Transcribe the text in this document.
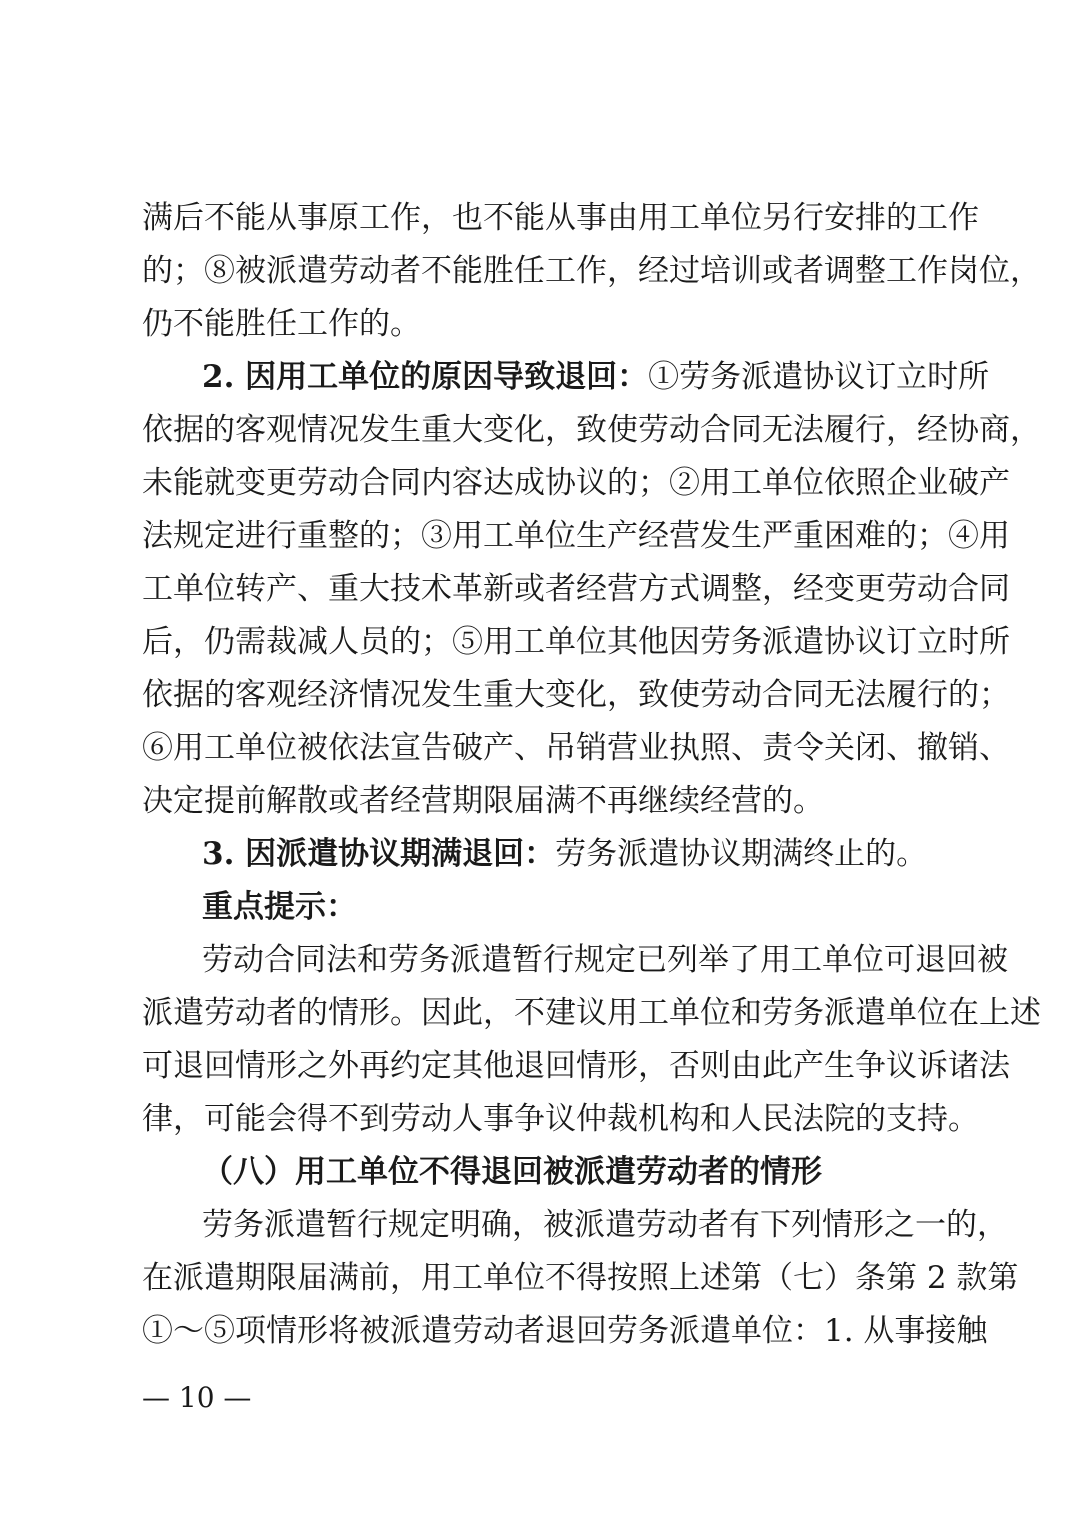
满后不能从事原工作，也不能从事由用工单位另行安排的工作
的；⑧被派遣劳动者不能胜任工作，经过培训或者调整工作岗位，
仍不能胜任工作的。
2. 因用工单位的原因导致退回：①劳务派遣协议订立时所
依据的客观情况发生重大变化，致使劳动合同无法履行，经协商，
未能就变更劳动合同内容达成协议的；②用工单位依照企业破产
法规定进行重整的；③用工单位生产经营发生严重困难的；④用
工单位转产、重大技术革新或者经营方式调整，经变更劳动合同
后，仍需裁减人员的；⑤用工单位其他因劳务派遣协议订立时所
依据的客观经济情况发生重大变化，致使劳动合同无法履行的；
⑥用工单位被依法宣告破产、吊销营业执照、责令关闭、撤销、
决定提前解散或者经营期限届满不再继续经营的。
3. 因派遣协议期满退回：劳务派遣协议期满终止的。
重点提示：
劳动合同法和劳务派遣暂行规定已列举了用工单位可退回被
派遣劳动者的情形。因此，不建议用工单位和劳务派遣单位在上述
可退回情形之外再约定其他退回情形，否则由此产生争议诉诸法
律，可能会得不到劳动人事争议仲裁机构和人民法院的支持。
（八）用工单位不得退回被派遣劳动者的情形
劳务派遣暂行规定明确，被派遣劳动者有下列情形之一的，
在派遣期限届满前，用工单位不得按照上述第（七）条第 2 款第
①～⑤项情形将被派遣劳动者退回劳务派遣单位：1. 从事接触
— 10 —
